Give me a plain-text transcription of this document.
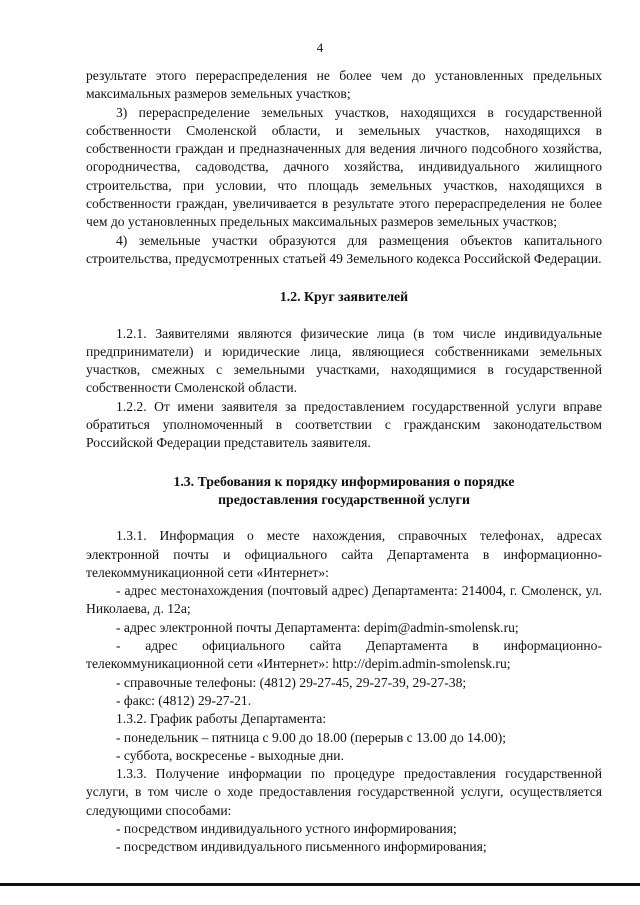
4

результате этого перераспределения не более чем до установленных предельных максимальных размеров земельных участков;

3) перераспределение земельных участков, находящихся в государственной собственности Смоленской области, и земельных участков, находящихся в собственности граждан и предназначенных для ведения личного подсобного хозяйства, огородничества, садоводства, дачного хозяйства, индивидуального жилищного строительства, при условии, что площадь земельных участков, находящихся в собственности граждан, увеличивается в результате этого перераспределения не более чем до установленных предельных максимальных размеров земельных участков;

4) земельные участки образуются для размещения объектов капитального строительства, предусмотренных статьей 49 Земельного кодекса Российской Федерации.

1.2. Круг заявителей

1.2.1. Заявителями являются физические лица (в том числе индивидуальные предприниматели) и юридические лица, являющиеся собственниками земельных участков, смежных с земельными участками, находящимися в государственной собственности Смоленской области.

1.2.2. От имени заявителя за предоставлением государственной услуги вправе обратиться уполномоченный в соответствии с гражданским законодательством Российской Федерации представитель заявителя.

1.3. Требования к порядку информирования о порядке
предоставления государственной услуги

1.3.1. Информация о месте нахождения, справочных телефонах, адресах электронной почты и официального сайта Департамента в информационно-телекоммуникационной сети «Интернет»:

- адрес местонахождения (почтовый адрес) Департамента: 214004, г. Смоленск, ул. Николаева, д. 12а;

- адрес электронной почты Департамента: depim@admin-smolensk.ru;

- адрес официального сайта Департамента в информационно-телекоммуникационной сети «Интернет»: http://depim.admin-smolensk.ru;

- справочные телефоны: (4812) 29-27-45, 29-27-39, 29-27-38;

- факс: (4812) 29-27-21.

1.3.2. График работы Департамента:

- понедельник – пятница с 9.00 до 18.00 (перерыв с 13.00 до 14.00);

- суббота, воскресенье - выходные дни.

1.3.3. Получение информации по процедуре предоставления государственной услуги, в том числе о ходе предоставления государственной услуги, осуществляется следующими способами:

- посредством индивидуального устного информирования;

- посредством индивидуального письменного информирования;
